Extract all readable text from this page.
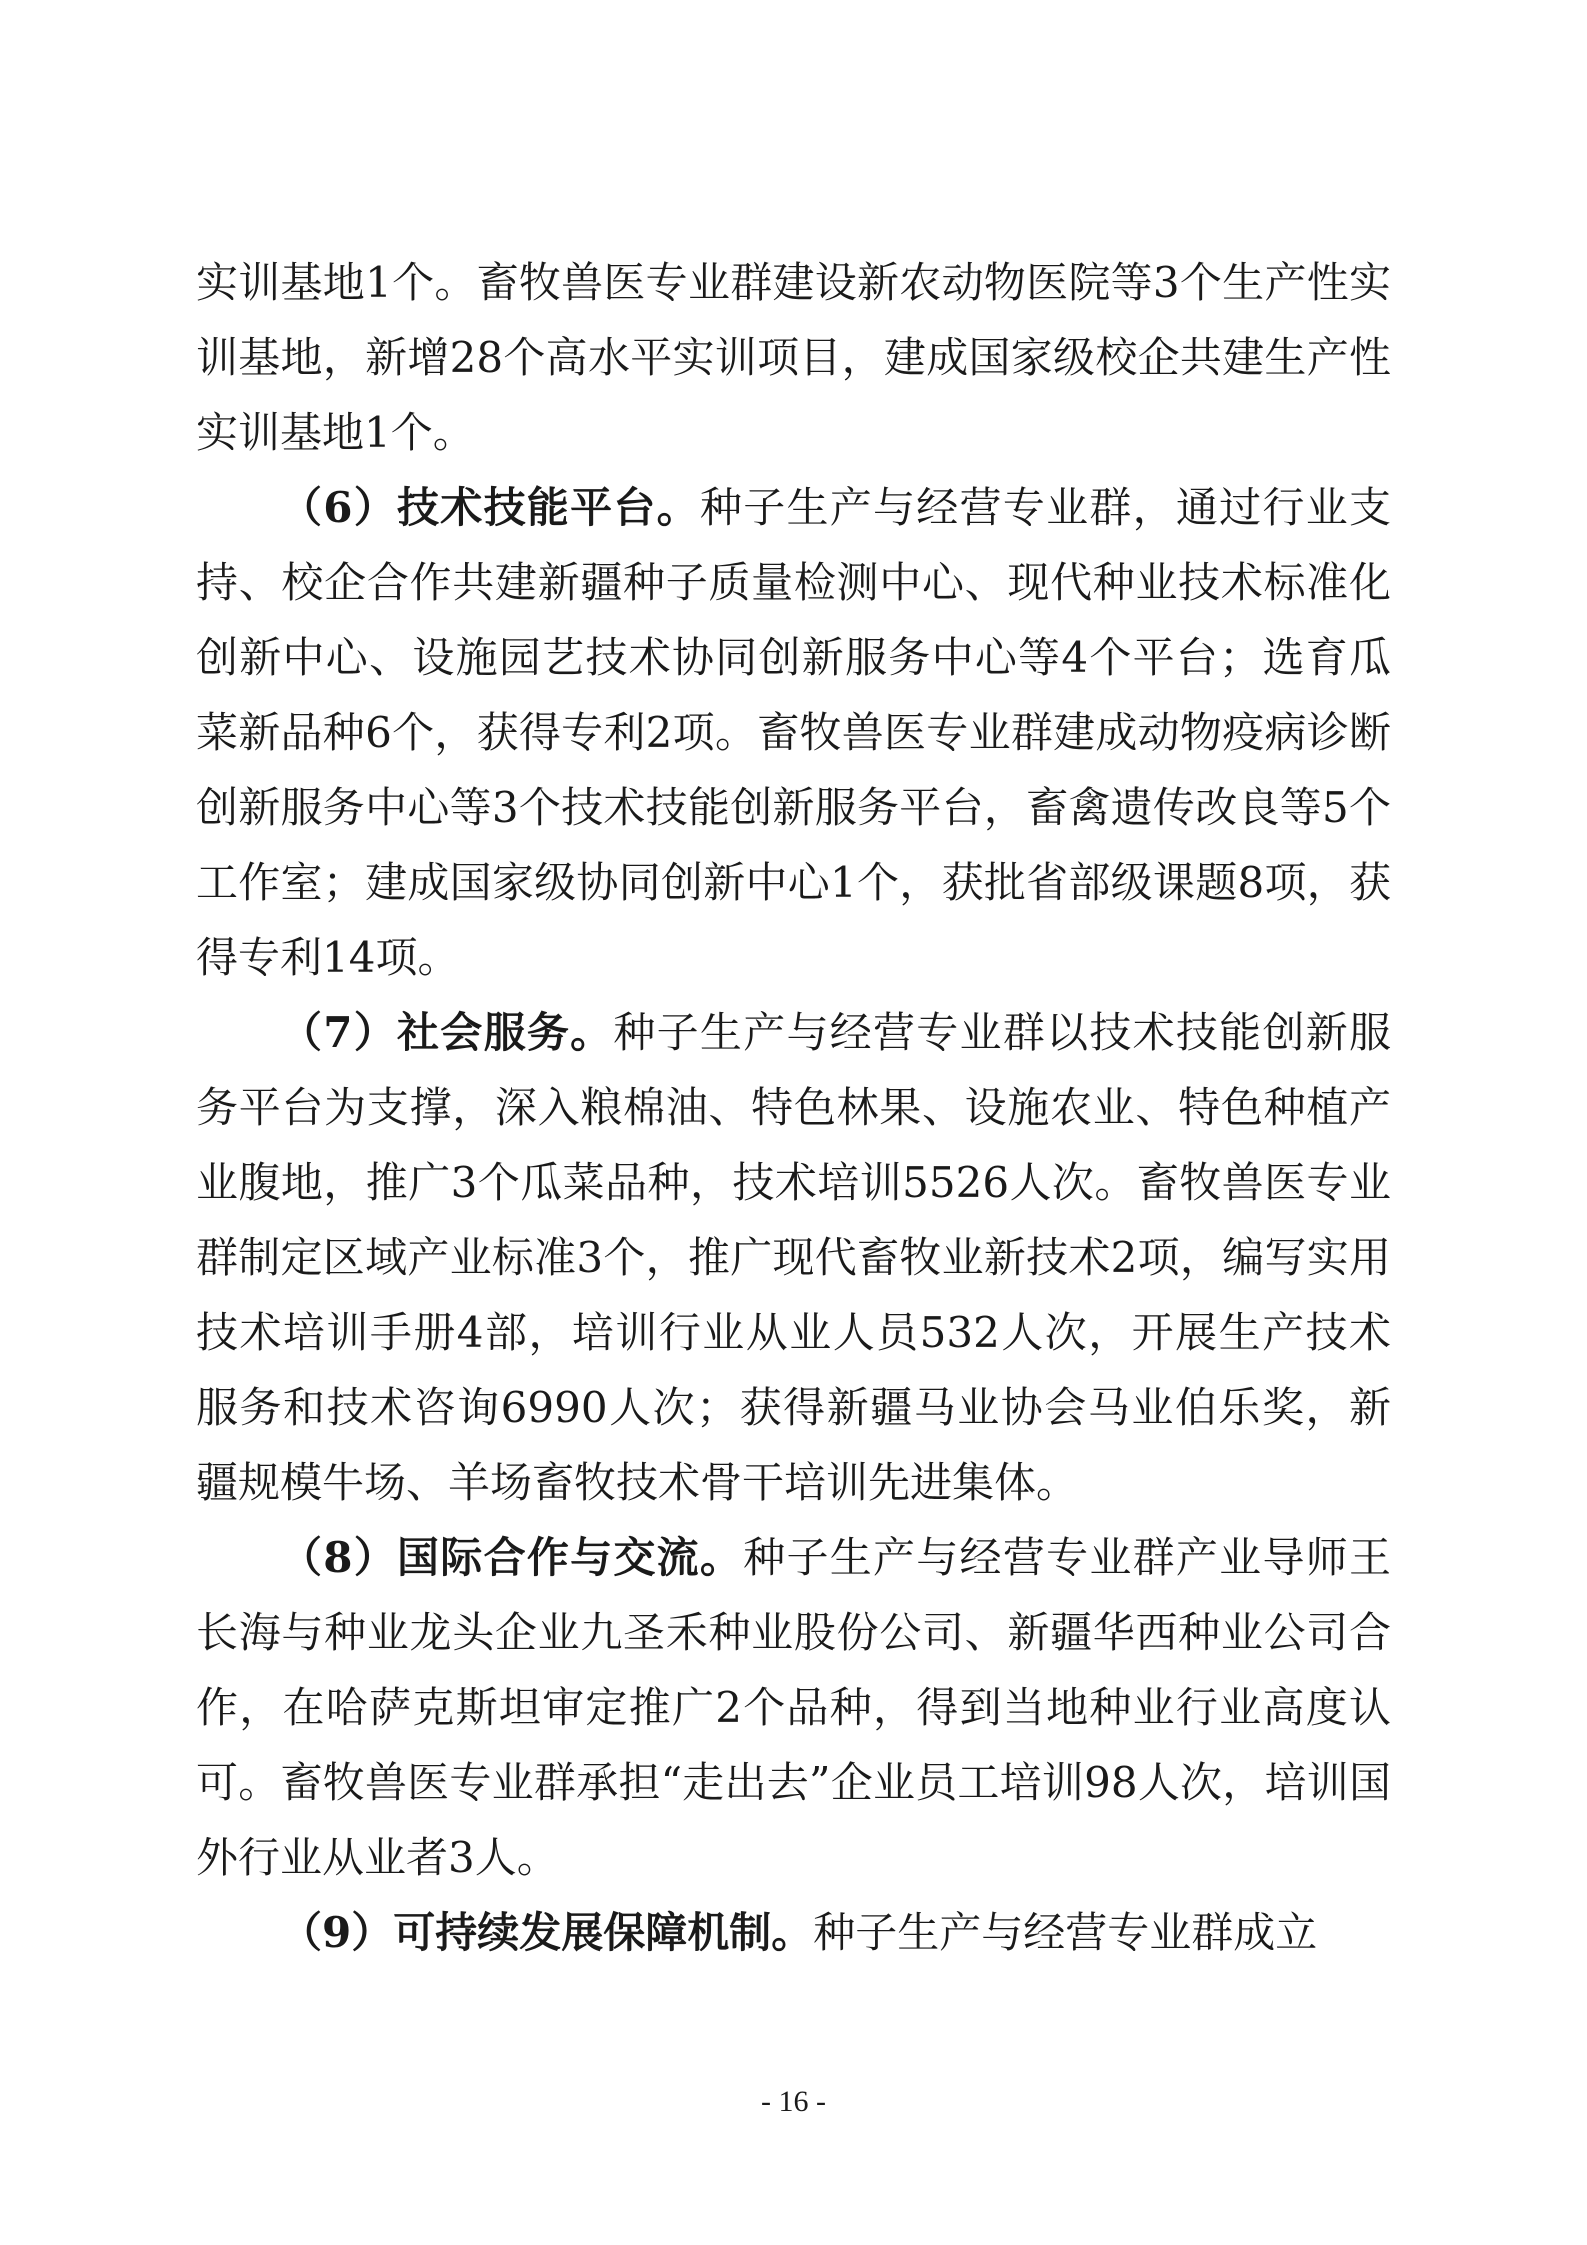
实训基地1个。畜牧兽医专业群建设新农动物医院等3个生产性实训基地，新增28个高水平实训项目，建成国家级校企共建生产性实训基地1个。

（6）技术技能平台。种子生产与经营专业群，通过行业支持、校企合作共建新疆种子质量检测中心、现代种业技术标准化创新中心、设施园艺技术协同创新服务中心等4个平台；选育瓜菜新品种6个，获得专利2项。畜牧兽医专业群建成动物疫病诊断创新服务中心等3个技术技能创新服务平台，畜禽遗传改良等5个工作室；建成国家级协同创新中心1个，获批省部级课题8项，获得专利14项。

（7）社会服务。种子生产与经营专业群以技术技能创新服务平台为支撑，深入粮棉油、特色林果、设施农业、特色种植产业腹地，推广3个瓜菜品种，技术培训5526人次。畜牧兽医专业群制定区域产业标准3个，推广现代畜牧业新技术2项，编写实用技术培训手册4部，培训行业从业人员532人次，开展生产技术服务和技术咨询6990人次；获得新疆马业协会马业伯乐奖，新疆规模牛场、羊场畜牧技术骨干培训先进集体。

（8）国际合作与交流。种子生产与经营专业群产业导师王长海与种业龙头企业九圣禾种业股份公司、新疆华西种业公司合作，在哈萨克斯坦审定推广2个品种，得到当地种业行业高度认可。畜牧兽医专业群承担“走出去”企业员工培训98人次，培训国外行业从业者3人。

（9）可持续发展保障机制。种子生产与经营专业群成立

- 16 -
